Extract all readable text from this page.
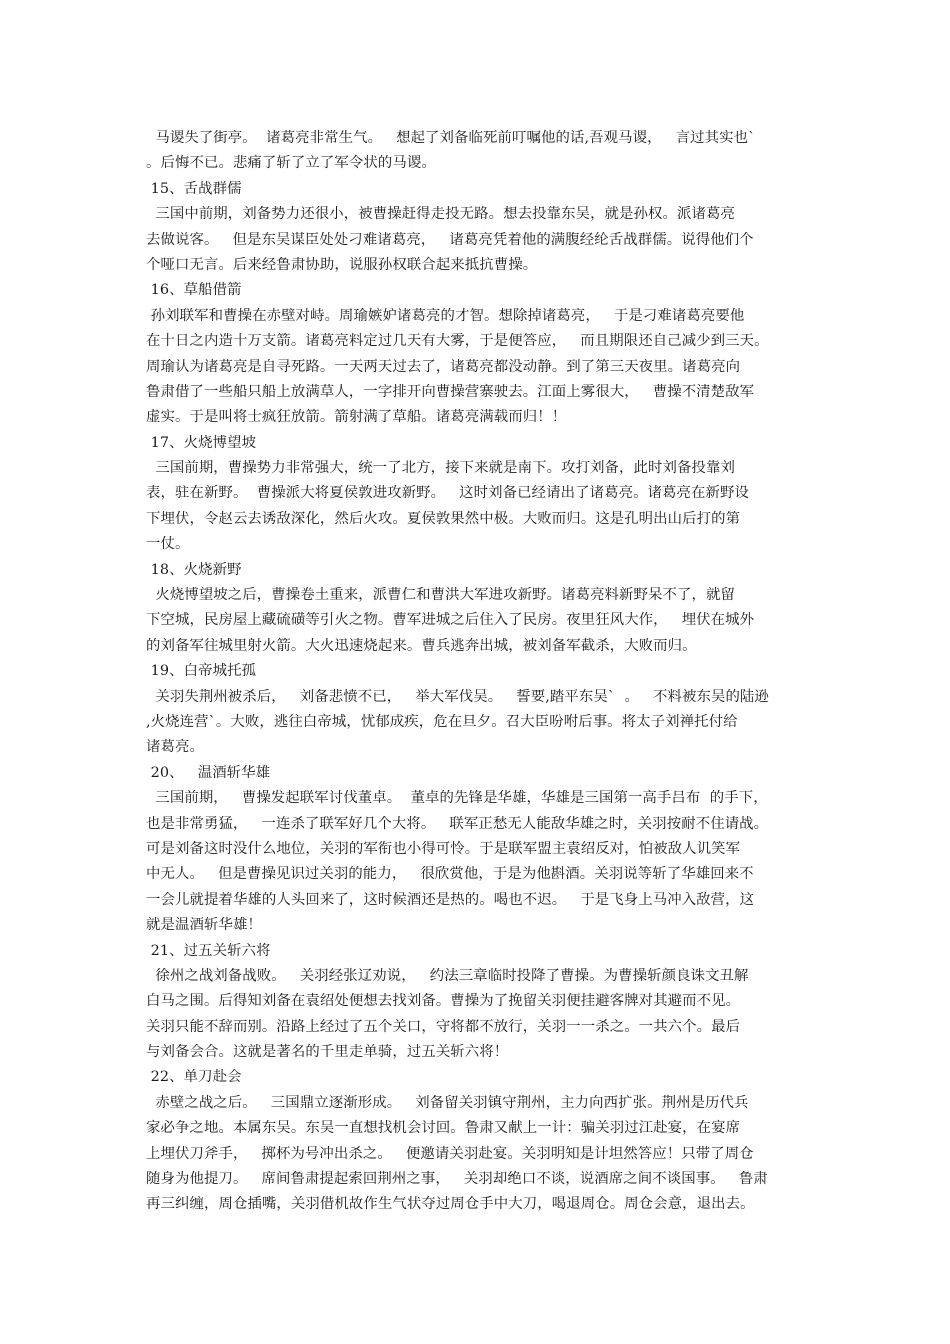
马谡失了街亭。  诸葛亮非常生气。   想起了刘备临死前叮嘱他的话,吾观马谡，   言过其实也`
。后悔不已。悲痛了斩了立了军令状的马谡。
15、舌战群儒
三国中前期，刘备势力还很小，被曹操赶得走投无路。想去投靠东吴，就是孙权。派诸葛亮
去做说客。   但是东吴谋臣处处刁难诸葛亮，   诸葛亮凭着他的满腹经纶舌战群儒。说得他们个
个哑口无言。后来经鲁肃协助，说服孙权联合起来抵抗曹操。
16、草船借箭
孙刘联军和曹操在赤壁对峙。周瑜嫉妒诸葛亮的才智。想除掉诸葛亮，   于是刁难诸葛亮要他
在十日之内造十万支箭。诸葛亮料定过几天有大雾，于是便答应，   而且期限还自己减少到三天。
周瑜认为诸葛亮是自寻死路。一天两天过去了，诸葛亮都没动静。到了第三天夜里。诸葛亮向
鲁肃借了一些船只船上放满草人，一字排开向曹操营寨驶去。江面上雾很大，   曹操不清楚敌军
虚实。于是叫将士疯狂放箭。箭射满了草船。诸葛亮满载而归！！
17、火烧博望坡
三国前期，曹操势力非常强大，统一了北方，接下来就是南下。攻打刘备，此时刘备投靠刘
表，驻在新野。  曹操派大将夏侯敦进攻新野。   这时刘备已经请出了诸葛亮。诸葛亮在新野设
下埋伏，令赵云去诱敌深化，然后火攻。夏侯敦果然中极。大败而归。这是孔明出山后打的第
一仗。
18、火烧新野
火烧博望坡之后，曹操卷土重来，派曹仁和曹洪大军进攻新野。诸葛亮料新野呆不了，就留
下空城，民房屋上藏硫磺等引火之物。曹军进城之后住入了民房。夜里狂风大作，   埋伏在城外
的刘备军往城里射火箭。大火迅速烧起来。曹兵逃奔出城，被刘备军截杀，大败而归。
19、白帝城托孤
关羽失荆州被杀后，   刘备悲愤不已，   举大军伐吴。   誓要,踏平东吴`  。   不料被东吴的陆逊
,火烧连营`。大败，逃往白帝城，忧郁成疾，危在旦夕。召大臣吩咐后事。将太子刘禅托付给
诸葛亮。
20、   温酒斩华雄
三国前期，   曹操发起联军讨伐董卓。  董卓的先锋是华雄，华雄是三国第一高手吕布  的手下，
也是非常勇猛，   一连杀了联军好几个大将。   联军正愁无人能敌华雄之时，关羽按耐不住请战。
可是刘备这时没什么地位，关羽的军衔也小得可怜。于是联军盟主袁绍反对，怕被敌人讥笑军
中无人。   但是曹操见识过关羽的能力，   很欣赏他，于是为他斟酒。关羽说等斩了华雄回来不
一会儿就提着华雄的人头回来了，这时候酒还是热的。喝也不迟。   于是飞身上马冲入敌营，这
就是温酒斩华雄！
21、过五关斩六将
徐州之战刘备战败。   关羽经张辽劝说，   约法三章临时投降了曹操。为曹操斩颜良诛文丑解
白马之围。后得知刘备在袁绍处便想去找刘备。曹操为了挽留关羽便挂避客牌对其避而不见。
关羽只能不辞而别。沿路上经过了五个关口，守将都不放行，关羽一一杀之。一共六个。最后
与刘备会合。这就是著名的千里走单骑，过五关斩六将！
22、单刀赴会
赤壁之战之后。   三国鼎立逐渐形成。   刘备留关羽镇守荆州，主力向西扩张。荆州是历代兵
家必争之地。本属东吴。东吴一直想找机会讨回。鲁肃又献上一计：骗关羽过江赴宴，在宴席
上埋伏刀斧手，   掷杯为号冲出杀之。   便邀请关羽赴宴。关羽明知是计坦然答应！只带了周仓
随身为他提刀。   席间鲁肃提起索回荆州之事，   关羽却绝口不谈，说酒席之间不谈国事。   鲁肃
再三纠缠，周仓插嘴，关羽借机故作生气状夺过周仓手中大刀，喝退周仓。周仓会意，退出去。
